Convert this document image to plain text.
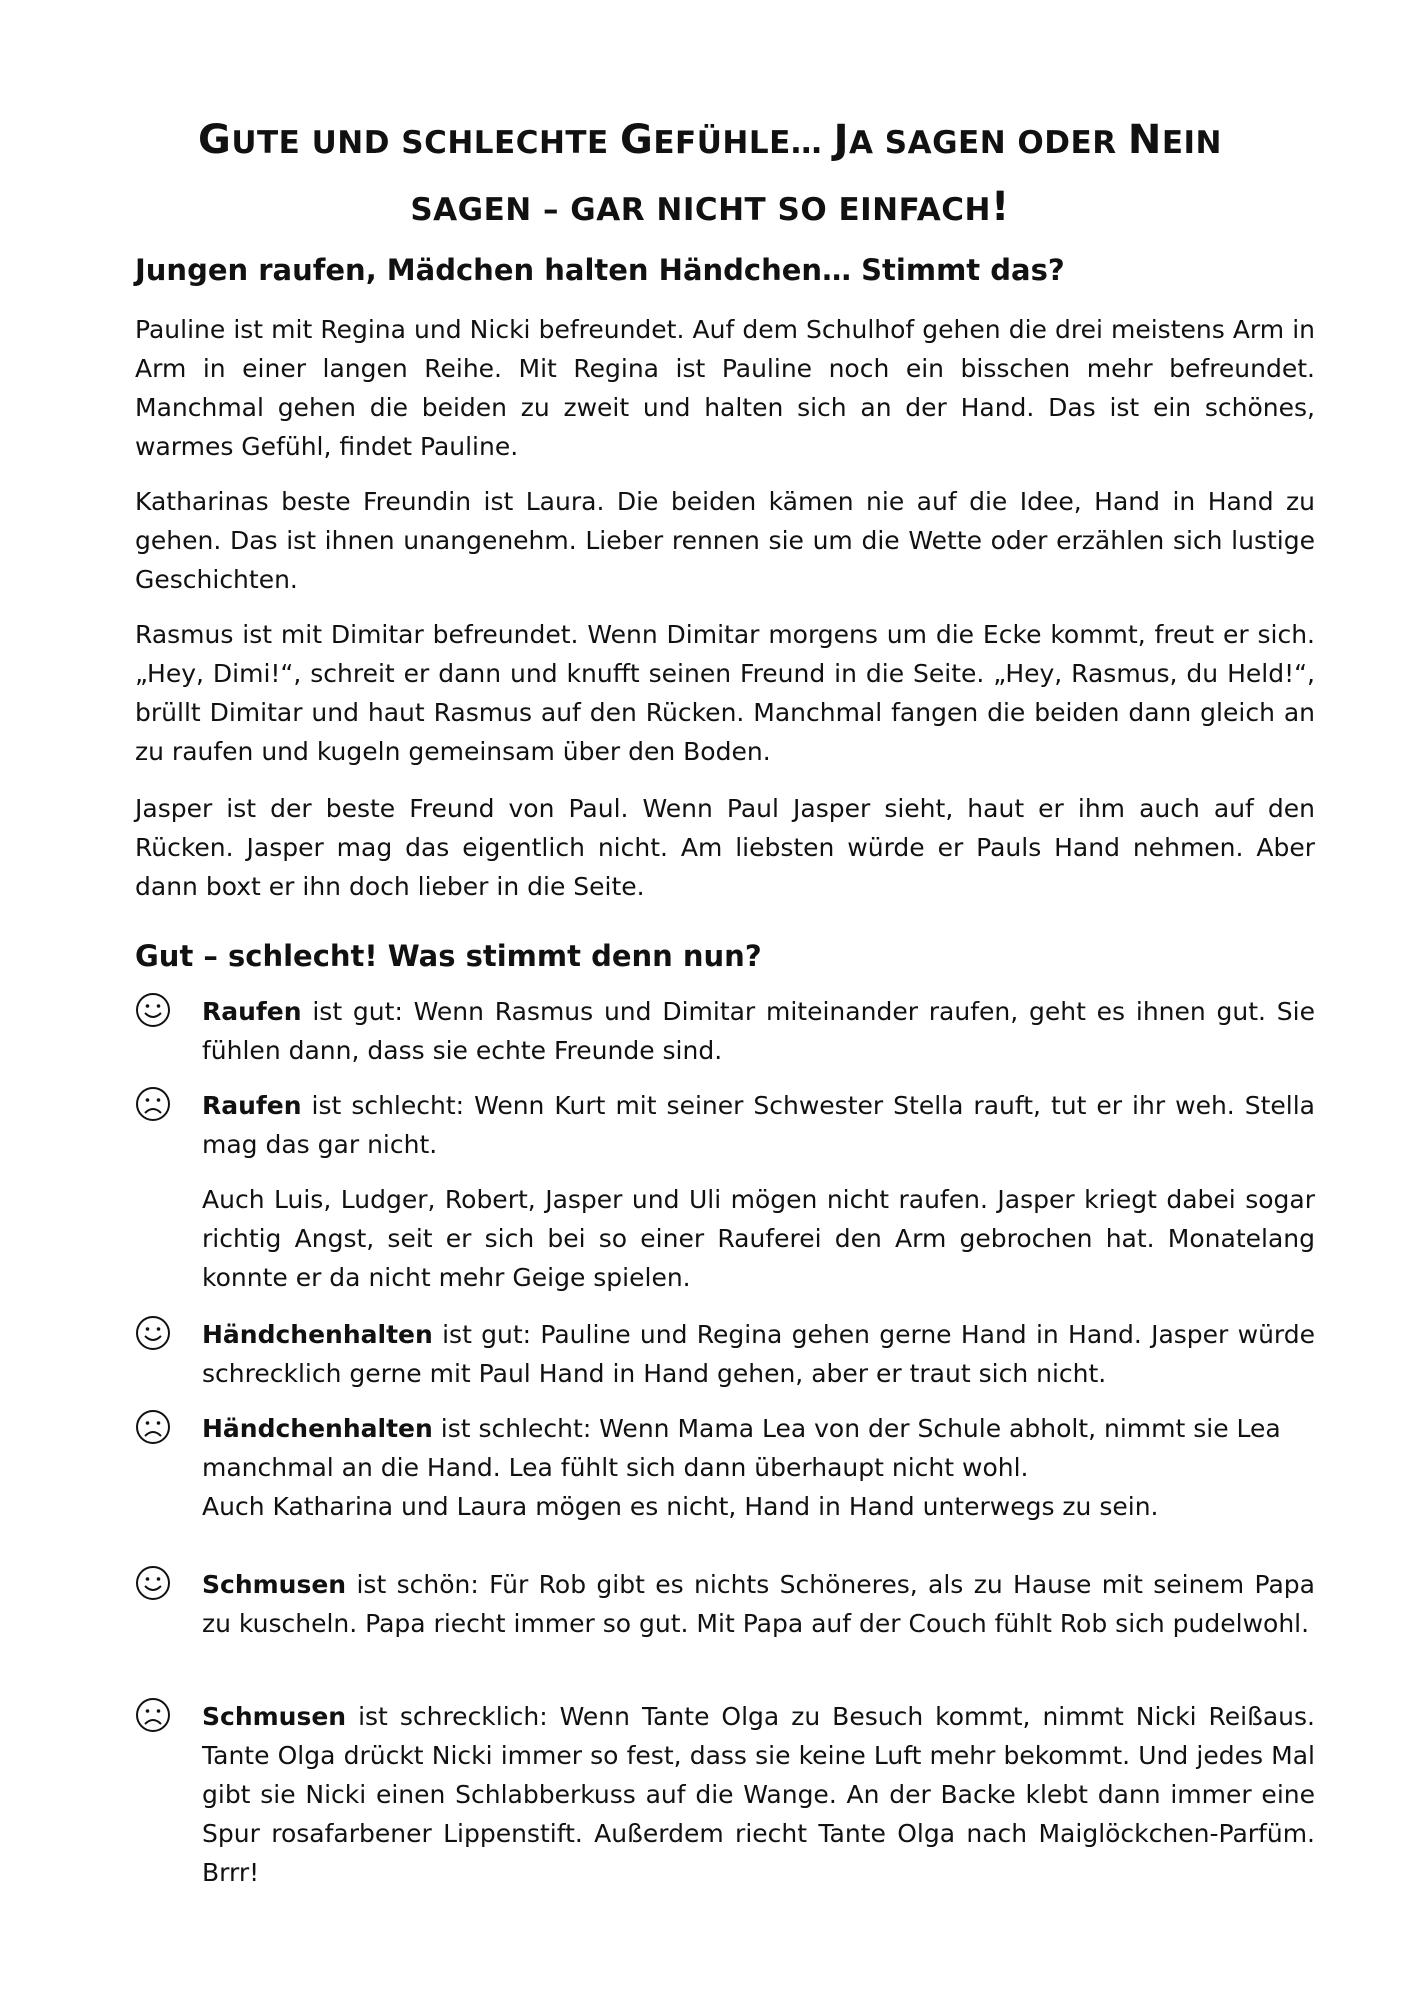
GUTE UND SCHLECHTE GEFÜHLE… JA SAGEN ODER NEIN
SAGEN – GAR NICHT SO EINFACH!
Jungen raufen, Mädchen halten Händchen… Stimmt das?

Pauline ist mit Regina und Nicki befreundet. Auf dem Schulhof gehen die drei meistens Arm in Arm in einer langen Reihe. Mit Regina ist Pauline noch ein bisschen mehr befreundet. Manchmal gehen die beiden zu zweit und halten sich an der Hand. Das ist ein schönes, warmes Gefühl, findet Pauline.

Katharinas beste Freundin ist Laura. Die beiden kämen nie auf die Idee, Hand in Hand zu gehen. Das ist ihnen unangenehm. Lieber rennen sie um die Wette oder erzählen sich lustige Geschichten.

Rasmus ist mit Dimitar befreundet. Wenn Dimitar morgens um die Ecke kommt, freut er sich. „Hey, Dimi!“, schreit er dann und knufft seinen Freund in die Seite. „Hey, Rasmus, du Held!“, brüllt Dimitar und haut Rasmus auf den Rücken. Manchmal fangen die beiden dann gleich an zu raufen und kugeln gemeinsam über den Boden.

Jasper ist der beste Freund von Paul. Wenn Paul Jasper sieht, haut er ihm auch auf den Rücken. Jasper mag das eigentlich nicht. Am liebsten würde er Pauls Hand nehmen. Aber dann boxt er ihn doch lieber in die Seite.

Gut – schlecht! Was stimmt denn nun?

Raufen ist gut: Wenn Rasmus und Dimitar miteinander raufen, geht es ihnen gut. Sie fühlen dann, dass sie echte Freunde sind.

Raufen ist schlecht: Wenn Kurt mit seiner Schwester Stella rauft, tut er ihr weh. Stella mag das gar nicht.

Auch Luis, Ludger, Robert, Jasper und Uli mögen nicht raufen. Jasper kriegt dabei sogar richtig Angst, seit er sich bei so einer Rauferei den Arm gebrochen hat. Monatelang konnte er da nicht mehr Geige spielen.

Händchenhalten ist gut: Pauline und Regina gehen gerne Hand in Hand. Jasper würde schrecklich gerne mit Paul Hand in Hand gehen, aber er traut sich nicht.

Händchenhalten ist schlecht: Wenn Mama Lea von der Schule abholt, nimmt sie Lea manchmal an die Hand. Lea fühlt sich dann überhaupt nicht wohl.
Auch Katharina und Laura mögen es nicht, Hand in Hand unterwegs zu sein.

Schmusen ist schön: Für Rob gibt es nichts Schöneres, als zu Hause mit seinem Papa zu kuscheln. Papa riecht immer so gut. Mit Papa auf der Couch fühlt Rob sich pudelwohl.

Schmusen ist schrecklich: Wenn Tante Olga zu Besuch kommt, nimmt Nicki Reißaus. Tante Olga drückt Nicki immer so fest, dass sie keine Luft mehr bekommt. Und jedes Mal gibt sie Nicki einen Schlabberkuss auf die Wange. An der Backe klebt dann immer eine Spur rosafarbener Lippenstift. Außerdem riecht Tante Olga nach Maiglöckchen-Parfüm. Brrr!
